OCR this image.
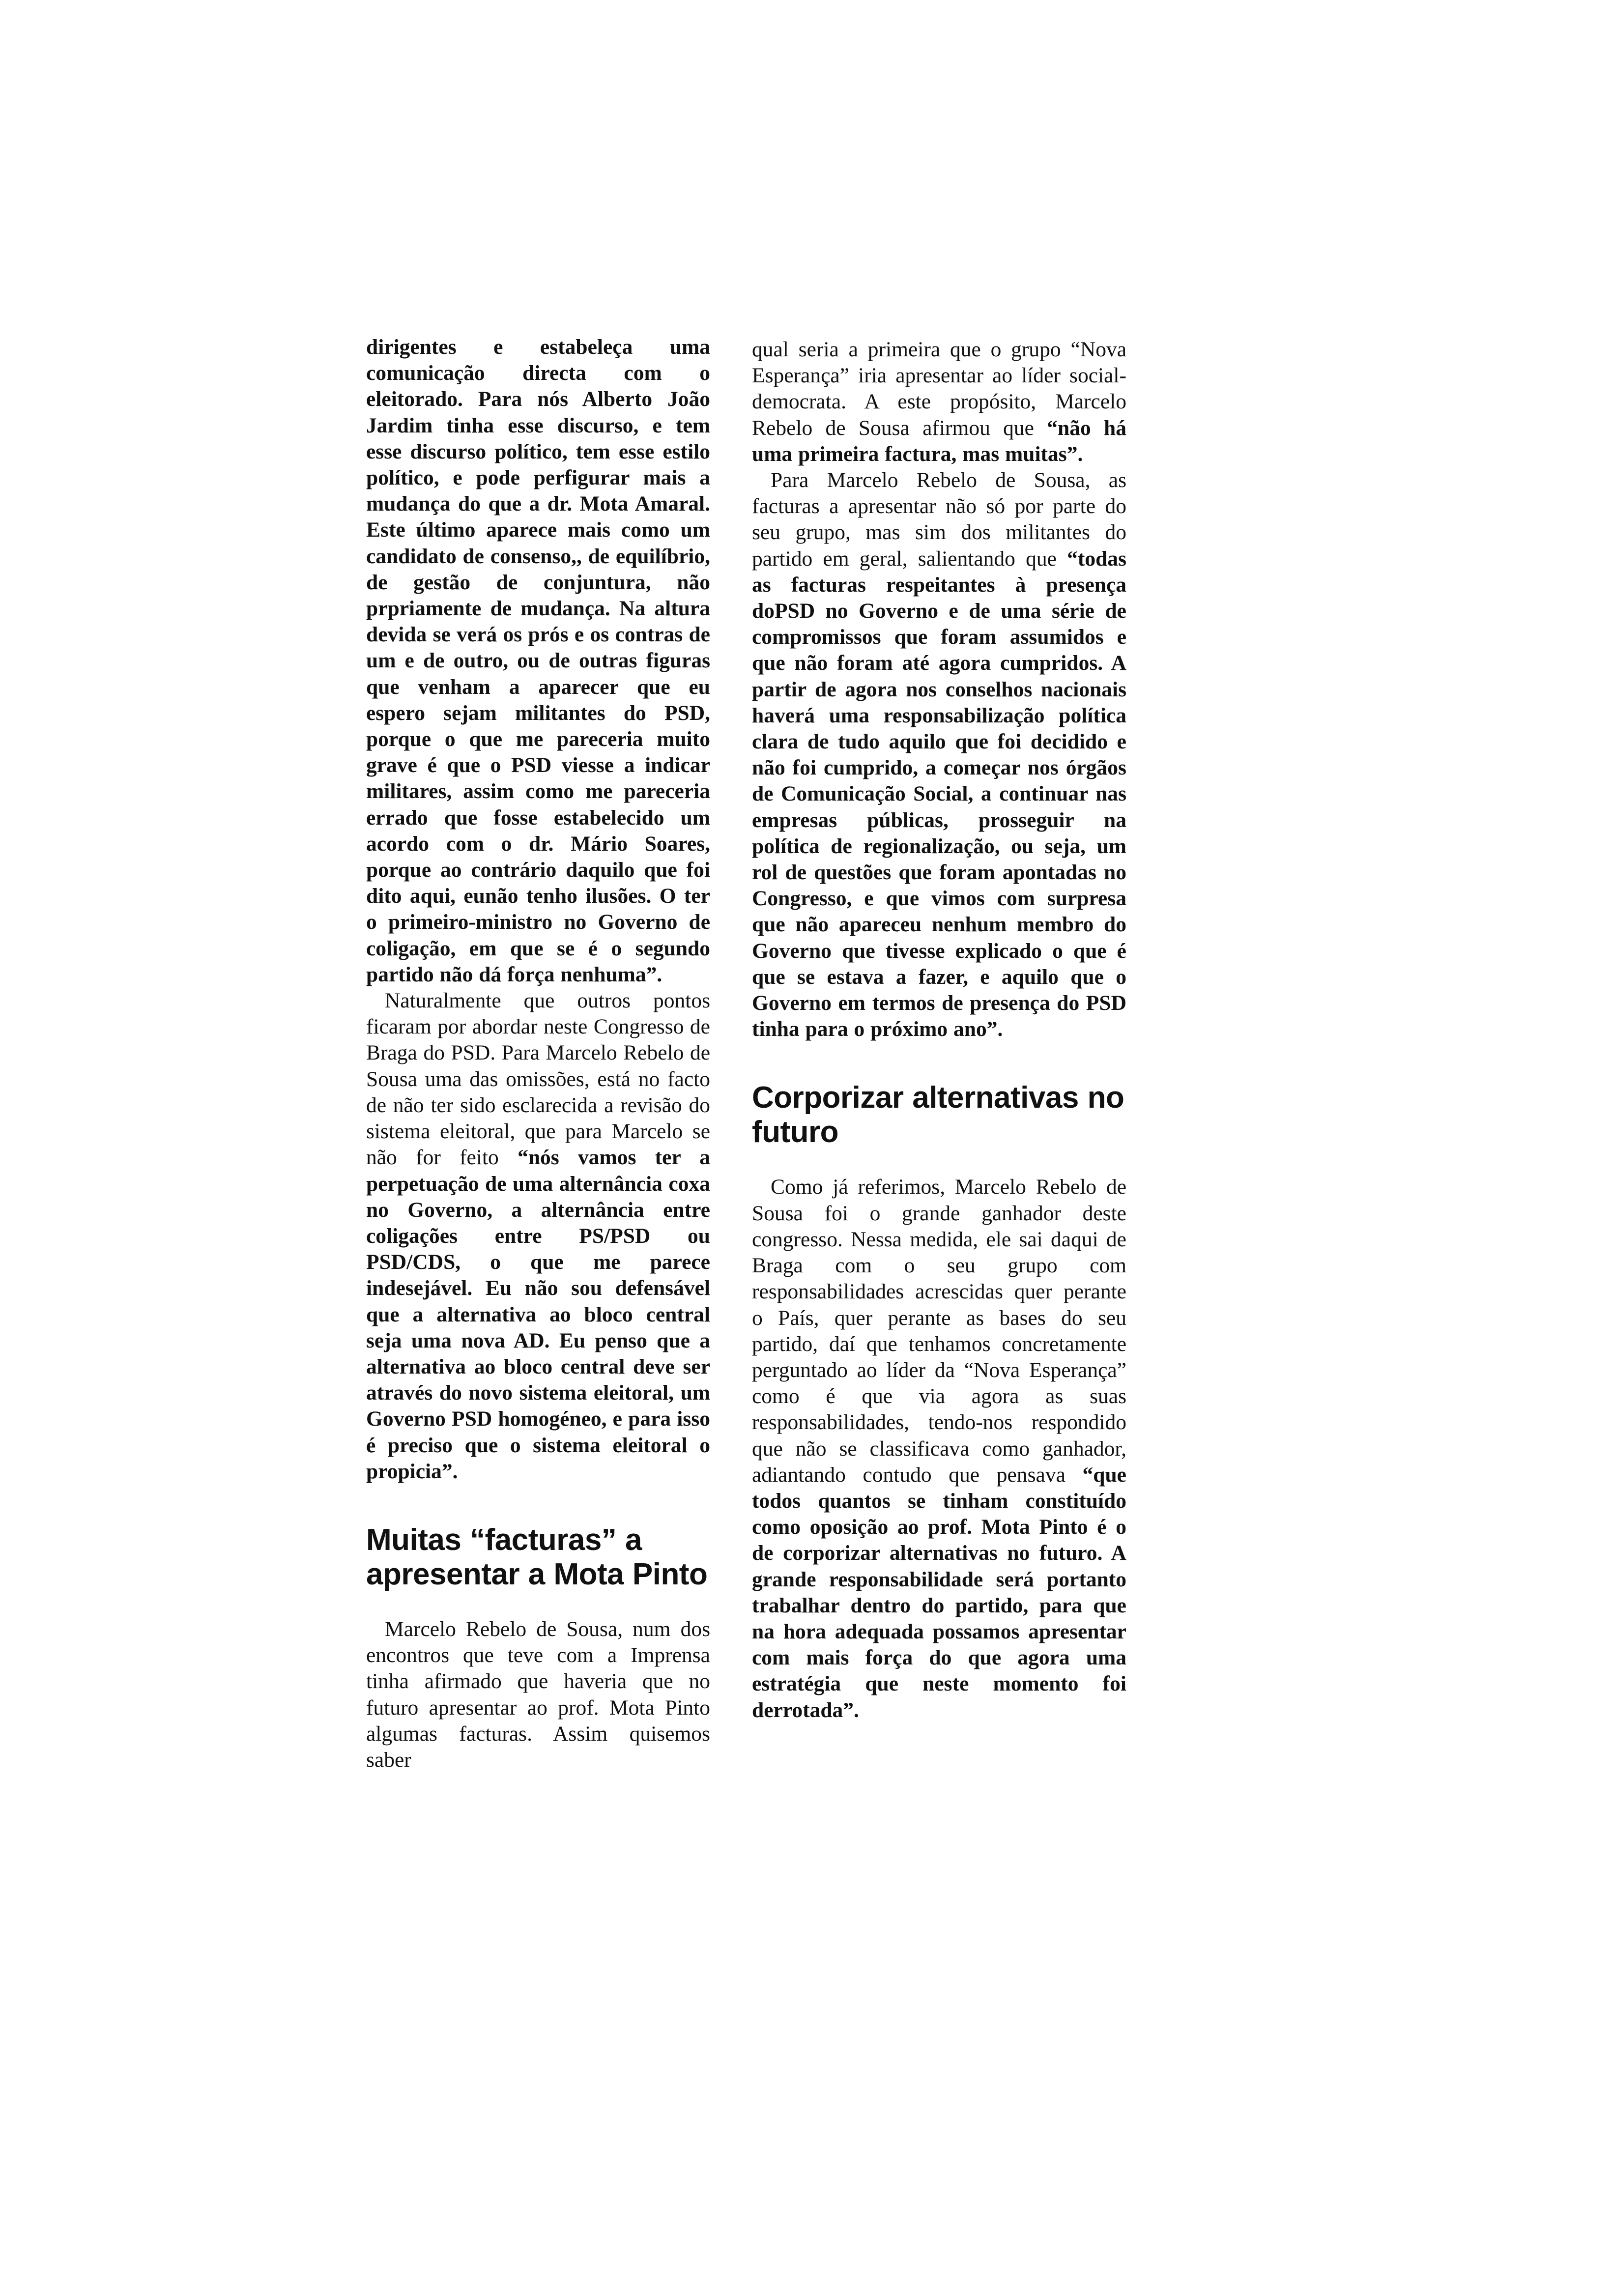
dirigentes e estabeleça uma comunicação directa com o eleitorado. Para nós Alberto João Jardim tinha esse discurso, e tem esse discurso político, tem esse estilo político, e pode perfigurar mais a mudança do que a dr. Mota Amaral. Este último aparece mais como um candidato de consenso,, de equilíbrio, de gestão de conjuntura, não prpriamente de mudança. Na altura devida se verá os prós e os contras de um e de outro, ou de outras figuras que venham a aparecer que eu espero sejam militantes do PSD, porque o que me pareceria muito grave é que o PSD viesse a indicar militares, assim como me pareceria errado que fosse estabelecido um acordo com o dr. Mário Soares, porque ao contrário daquilo que foi dito aqui, eunão tenho ilusões. O ter o primeiro-ministro no Governo de coligação, em que se é o segundo partido não dá força nenhuma”.

Naturalmente que outros pontos ficaram por abordar neste Congresso de Braga do PSD. Para Marcelo Rebelo de Sousa uma das omissões, está no facto de não ter sido esclarecida a revisão do sistema eleitoral, que para Marcelo se não for feito “nós vamos ter a perpetuação de uma alternância coxa no Governo, a alternância entre coligações entre PS/PSD ou PSD/CDS, o que me parece indesejável. Eu não sou defensável que a alternativa ao bloco central seja uma nova AD. Eu penso que a alternativa ao bloco central deve ser através do novo sistema eleitoral, um Governo PSD homogéneo, e para isso é preciso que o sistema eleitoral o propicia”.

Muitas “facturas” a apresentar a Mota Pinto

Marcelo Rebelo de Sousa, num dos encontros que teve com a Imprensa tinha afirmado que haveria que no futuro apresentar ao prof. Mota Pinto algumas facturas. Assim quisemos saber

qual seria a primeira que o grupo “Nova Esperança” iria apresentar ao líder social-democrata. A este propósito, Marcelo Rebelo de Sousa afirmou que “não há uma primeira factura, mas muitas”.

Para Marcelo Rebelo de Sousa, as facturas a apresentar não só por parte do seu grupo, mas sim dos militantes do partido em geral, salientando que “todas as facturas respeitantes à presença doPSD no Governo e de uma série de compromissos que foram assumidos e que não foram até agora cumpridos. A partir de agora nos conselhos nacionais haverá uma responsabilização política clara de tudo aquilo que foi decidido e não foi cumprido, a começar nos órgãos de Comunicação Social, a continuar nas empresas públicas, prosseguir na política de regionalização, ou seja, um rol de questões que foram apontadas no Congresso, e que vimos com surpresa que não apareceu nenhum membro do Governo que tivesse explicado o que é que se estava a fazer, e aquilo que o Governo em termos de presença do PSD tinha para o próximo ano”.

Corporizar alternativas no futuro

Como já referimos, Marcelo Rebelo de Sousa foi o grande ganhador deste congresso. Nessa medida, ele sai daqui de Braga com o seu grupo com responsabilidades acrescidas quer perante o País, quer perante as bases do seu partido, daí que tenhamos concretamente perguntado ao líder da “Nova Esperança” como é que via agora as suas responsabilidades, tendo-nos respondido que não se classificava como ganhador, adiantando contudo que pensava “que todos quantos se tinham constituído como oposição ao prof. Mota Pinto é o de corporizar alternativas no futuro. A grande responsabilidade será portanto trabalhar dentro do partido, para que na hora adequada possamos apresentar com mais força do que agora uma estratégia que neste momento foi derrotada”.
